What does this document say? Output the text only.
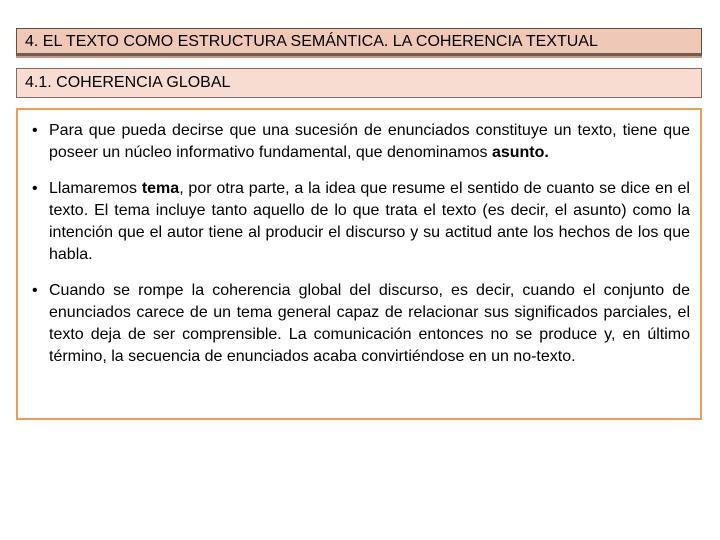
4. EL TEXTO COMO ESTRUCTURA SEMÁNTICA. LA COHERENCIA TEXTUAL
4.1. COHERENCIA GLOBAL
• Para que pueda decirse que una sucesión de enunciados constituye un texto, tiene que poseer un núcleo informativo fundamental, que denominamos asunto.
• Llamaremos tema, por otra parte, a la idea que resume el sentido de cuanto se dice en el texto. El tema incluye tanto aquello de lo que trata el texto (es decir, el asunto) como la intención que el autor tiene al producir el discurso y su actitud ante los hechos de los que habla.
• Cuando se rompe la coherencia global del discurso, es decir, cuando el conjunto de enunciados carece de un tema general capaz de relacionar sus significados parciales, el texto deja de ser comprensible. La comunicación entonces no se produce y, en último término, la secuencia de enunciados acaba convirtiéndose en un no-texto.
